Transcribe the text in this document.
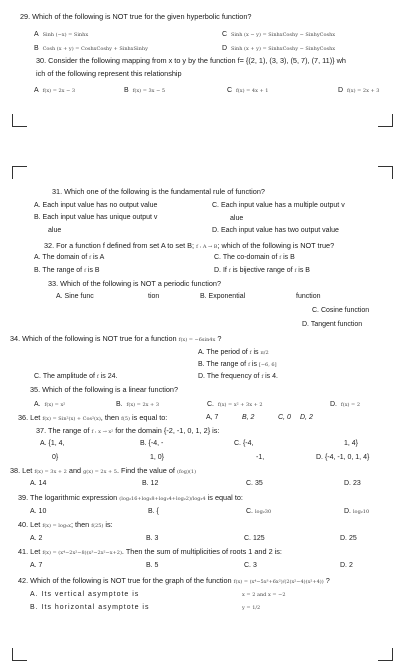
29. Which of the following is NOT true for the given hyperbolic function?
A Sinh (−x) = Sinhx	C Sinh (x − y) = SinhxCoshy − SinhyCoshx
B Cosh (x + y) = CoshxCoshy + SinhxSinhy	D Sinh (x + y) = SinhxCoshy − SinhyCoshx
30. Consider the following mapping from x to y by the function f= {(2, 1), (3, 3), (5, 7), (7, 11)} wh
ich of the following represent this relationship
A f(x) = 2x − 3	B f(x) = 3x − 5	C f(x) = 4x + 1	D f(x) = 2x + 3
31. Which one of the following is the fundamental rule of function?
A. Each input value has no output value	C. Each input value has a multiple output v
B. Each input value has unique output v	alue
alue	D. Each input value has two output value
32. For a function f defined from set A to set B; f : A → B; which of the following is NOT true?
A. The domain of f is A	C. The co-domain of f is B
B. The range of f is B	D. If f is bijective range of f is B
33. Which of the following is NOT a periodic function?
A. Sine func	tion	B. Exponential	function
C. Cosine function
D. Tangent function
34. Which of the following is NOT true for a function f(x) = −6sin4x ?
A. The period of f is π/2
B. The range of f is [−6, 6]
C. The amplitude of f is 24.	D. The frequency of f is 4.
35. Which of the following is a linear function?
A. f(x) = x²	B. f(x) = 2x + 3	C. f(x) = x² + 3x + 2	D. f(x) = 2
36. Let f(x) = Sin²(x) + Cos²(x), then f(5) is equal to:	A, 7	B, 2	C, 0 D, 2
37. The range of f : x → x² for the domain {-2, -1, 0, 1, 2} is:
A. {1, 4,	B. {-4, -	C. {-4,	1, 4}
0}	1, 0}	-1,	D. {-4, -1, 0, 1, 4}
38. Let f(x) = 3x + 2 and g(x) = 2x + 5. Find the value of (fog)(1)
A. 14	B. 12	C. 35	D. 23
39. The logarithmic expression (log₂16+log₂8+log₂4+log₂2)/log₂4 is equal to:
A. 10	B. {	C. log₂30	D. log₂10
40. Let f(x) = log₅x; then f(25) is:
A. 2	B. 3	C. 125	D. 25
41. Let f(x) = (x⁴−2x²−8)(x³−2x²−x+2). Then the sum of multiplicities of roots 1 and 2 is:
A. 7	B. 5	C. 3	D. 2
42. Which of the following is NOT true for the graph of the function f(x) = (x⁴−5x³+6x²)/(2(x²−4)(x²+4)) ?
A. Its vertical asymptote is	x = 2 and x = −2
B. Its horizontal asymptote is	y = 1/2
